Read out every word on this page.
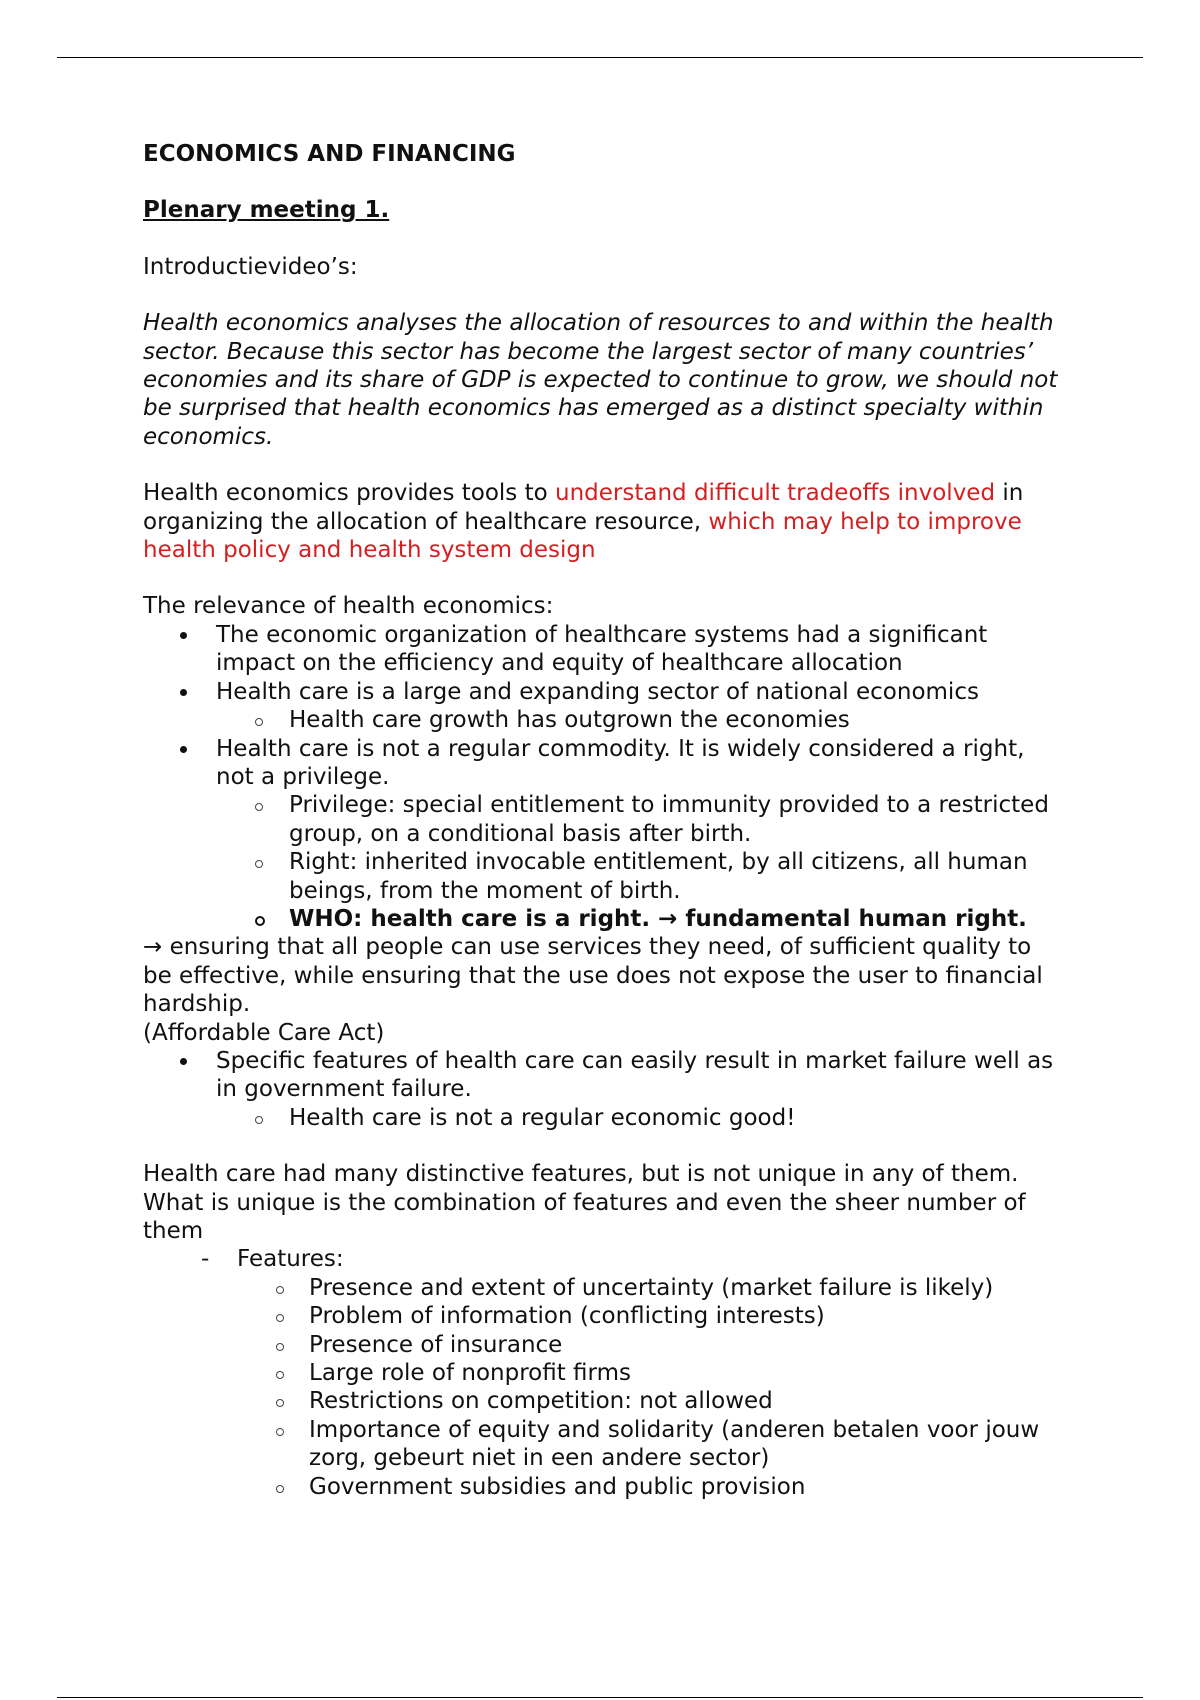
ECONOMICS AND FINANCING

Plenary meeting 1.

Introductievideo’s:

Health economics analyses the allocation of resources to and within the health sector. Because this sector has become the largest sector of many countries’ economies and its share of GDP is expected to continue to grow, we should not be surprised that health economics has emerged as a distinct specialty within economics.

Health economics provides tools to understand difficult tradeoffs involved in organizing the allocation of healthcare resource, which may help to improve health policy and health system design

The relevance of health economics:

The economic organization of healthcare systems had a significant impact on the efficiency and equity of healthcare allocation
Health care is a large and expanding sector of national economics
Health care growth has outgrown the economies
Health care is not a regular commodity. It is widely considered a right, not a privilege.
Privilege: special entitlement to immunity provided to a restricted group, on a conditional basis after birth.
Right: inherited invocable entitlement, by all citizens, all human beings, from the moment of birth.
WHO: health care is a right. → fundamental human right.

→ ensuring that all people can use services they need, of sufficient quality to be effective, while ensuring that the use does not expose the user to financial hardship.

(Affordable Care Act)

Specific features of health care can easily result in market failure well as in government failure.
Health care is not a regular economic good!

Health care had many distinctive features, but is not unique in any of them. What is unique is the combination of features and even the sheer number of them

- Features:
Presence and extent of uncertainty (market failure is likely)
Problem of information (conflicting interests)
Presence of insurance
Large role of nonprofit firms
Restrictions on competition: not allowed
Importance of equity and solidarity (anderen betalen voor jouw zorg, gebeurt niet in een andere sector)
Government subsidies and public provision
